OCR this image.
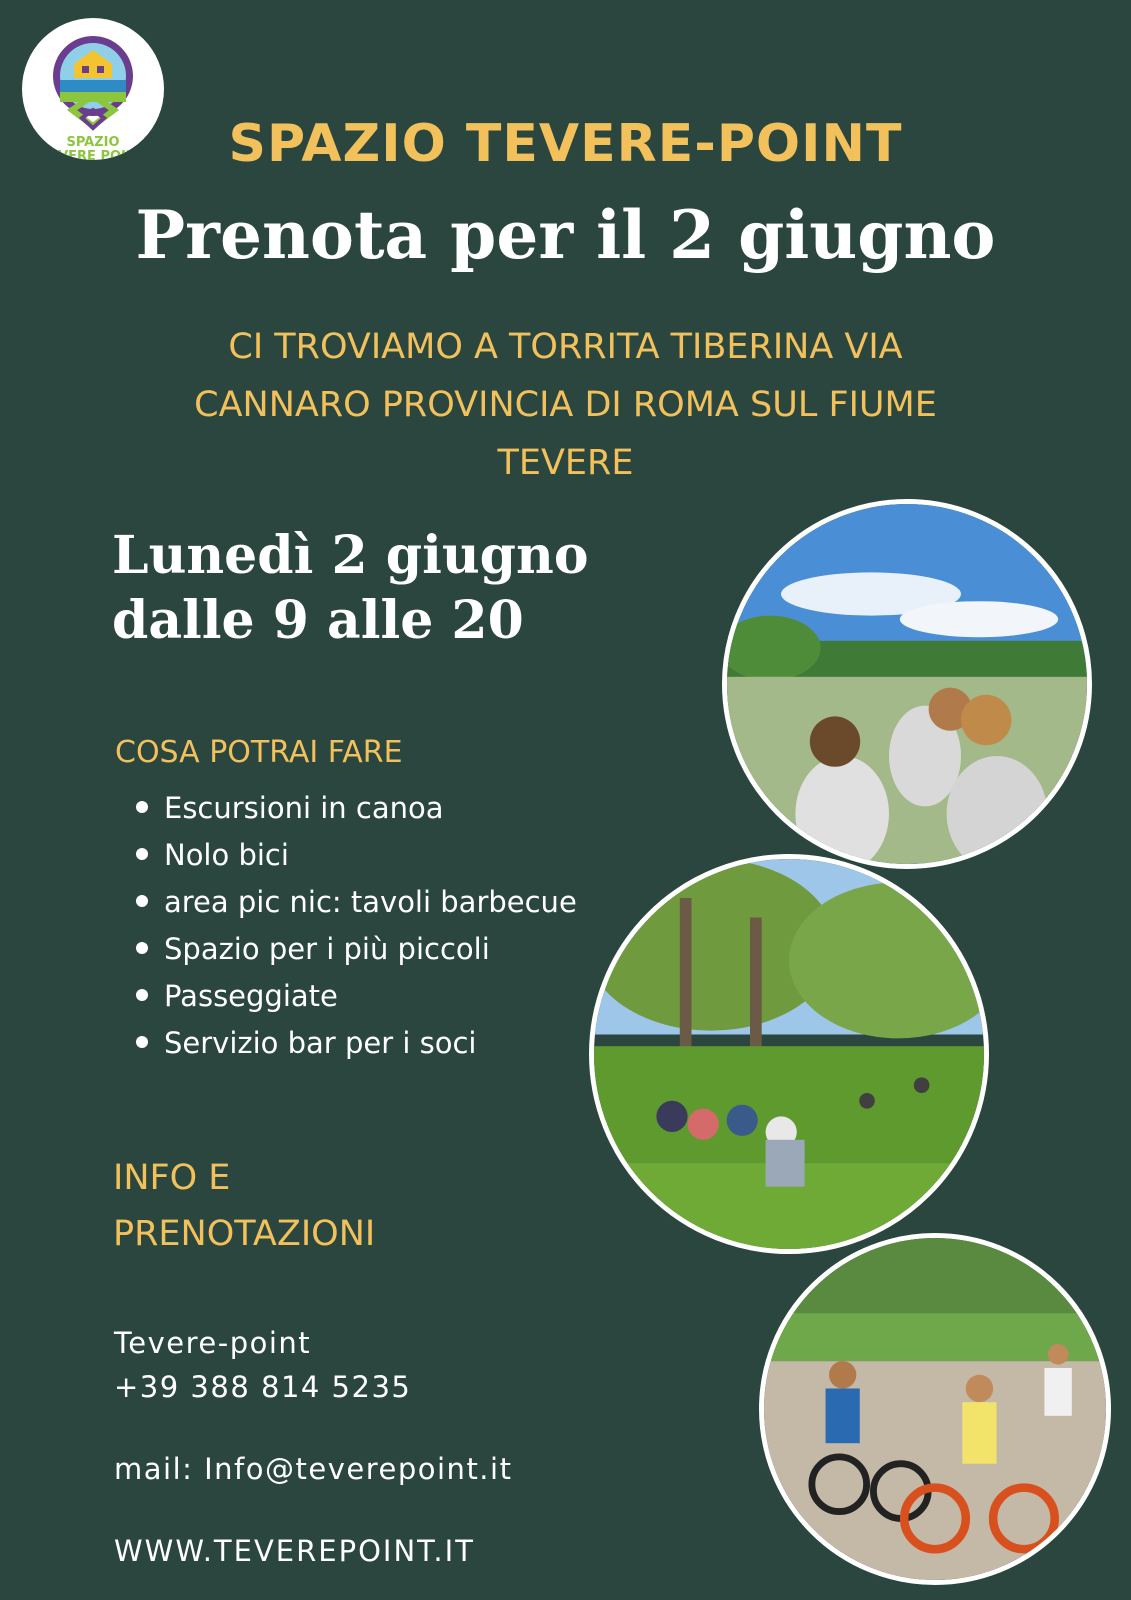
SPAZIO
TEVERE POINT	SPAZIO TEVERE-POINT
Prenota per il 2 giugno
CI TROVIAMO A TORRITA TIBERINA VIA CANNARO PROVINCIA DI ROMA SUL FIUME TEVERE
Lunedì 2 giugno
dalle 9 alle 20
COSA POTRAI FARE
Escursioni in canoa
Nolo bici
area pic nic: tavoli barbecue
Spazio per i più piccoli
Passeggiate
Servizio bar per i soci
INFO E
PRENOTAZIONI
Tevere-point
+39 388 814 5235
mail: Info@teverepoint.it
WWW.TEVEREPOINT.IT
